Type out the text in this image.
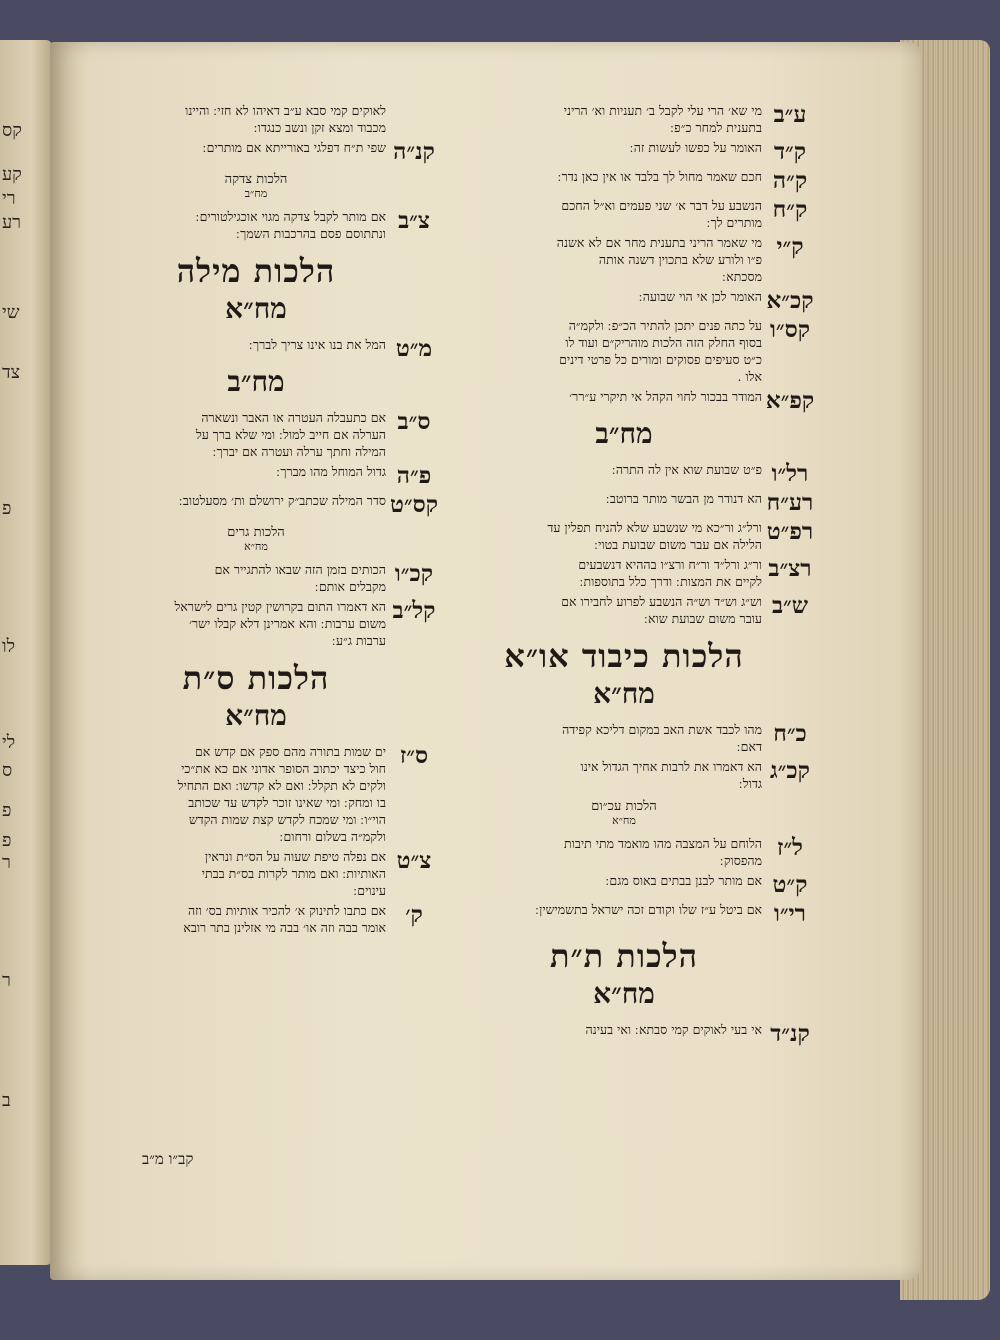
קס
קע
רי
רע
שי
צד
פ
לו
לי
ס
פ
פ
ר
ר
ב
ע״ב
מי שא׳ הרי עלי לקבל ב׳ תעניות וא׳ הריני
בתענית למחר כ״פ ׃
ק״ד
האומר על כפשו לעשות זה ׃
ק״ה
חכם שאמר מחול לך בלבד או אין כאן נדר ׃
ק״ח
הנשבע על דבר א׳ שני פעמים וא״ל החכם
מותרים לך ׃
ק״י
מי שאמר הריני בתענית מחר אם לא אשנה
פ״ו ולורע שלא בתכוין דשנה אותה
מסכתא ׃
קכ״א
האומר לכן אי הוי שבועה ׃
קס״ו
על כתה פנים יתכן להתיר הכ״פ ׃ ולקמ״ה
בסוף החלק הזה הלכות מוהריק״ם ועוד לו
כ״ט סעיפים פסוקים ומורים כל פרטי דינים
אלו .
קפ״א
המודר בבכור לחוי הקהל אי תיקרי ע״רר׳
מח״ב
רל״ו
פ״ט שבועת שוא אין לה התרה ׃
רע״ח
הא דנודר מן הבשר מותר ברוטב ׃
רפ״ט
ורל״ג ור״כא מי שנשבע שלא להניח תפלין עד
הלילה אם עבר משום שבועת בטוי ׃
רצ״ב
ור״ג ורל״ד ור״ח ורצ״ו בההיא דנשבעים
לקיים את המצות ׃ ודרך כלל בתוספות ׃
ש״ב
וש״ג וש״ד וש״ה הנשבע לפרוע לחבירו אם
עובר משום שבועת שוא ׃
הלכות כיבוד או״א
מח״א
כ״ח
מהו לכבד אשת האב במקום דליכא קפידה
דאם ׃
קכ״ג
הא דאמרו את לרבות אחיך הגדול אינו
גדול ׃
הלכות עכ״ום
מח״א
ל״ז
הלוחם על המצבה מהו מואמד מתי תיבות
מהפסוק ׃
ק״ט
אם מותר לבנן בבתים באוס מגם ׃
רי״ו
אם ביטל ע״ז שלו וקודם זכה ישראל בתשמישין ׃
הלכות ת״ת
מח״א
קנ״ד
אי בעי לאוקים קמי סבתא ׃ ואי בעינה
לאוקים קמי סבא ע״ב דאיהו לא חזי ׃ והיינו
מכבוד ומצא זקן ונשב כנגדו ׃
קנ״ה
שפי ת״ח דפלגי באורייתא אם מותרים ׃
הלכות צדקה
מח״ב
צ״ב
אם מותר לקבל צדקה מגוי אוכגילטורים ׃
ונתתוסם פסם בהרכבות השמך ׃
הלכות מילה
מח״א
מ״ט
המל את בנו אינו צריך לברך ׃
מח״ב
ס״ב
אם כתעבלה העטרה או האבר ונשארה
הערלה אם חייב למול ׃ ומי שלא ברך על
המילה וחתך ערלה ועטרה אם יברך ׃
פ״ה
גדול המוחל מהו מברך ׃
קס״ט
סדר המילה שכתב״ק ירושלם ות׳ מסעלטוב ׃
הלכות גרים
מח״א
קכ״ו
הכותים בזמן הזה שבאו להתגייר אם
מקבלים אותם ׃
קל״ב
הא דאמרו התום בקרושין קטין גרים לישראל
משום ערבות ׃ והא אמרינן דלא קבלו ישר׳
ערבות ג״ע ׃
הלכות ס״ת
מח״א
ס״ז
ים שמות בתורה מהם ספק אם קדש אם
חול כיצד יכתוב הסופר אדוני אם כא את״כי
ולקים לא תקלל ׃ ואם לא קדשו ׃ ואם התחיל
בו ומחק ׃ ומי שאינו זוכר לקדש עד שכותב
הוי״ו ׃ ומי שמכח לקדש קצת שמות הקדש
ולקמ״ה בשלום ורחום ׃
צ״ט
אם נפלה טיפת שעוה על הס״ת ונראין
האותיות ׃ ואם מותר לקרות בס״ת בבתי
עינוים ׃
ק׳
אם כתבו לתינוק א׳ להכיר אותיות בס׳ וזה
אומר בבה וזה או׳ בבה מי אזלינן בתר רובא
קב״ו מ״ב
